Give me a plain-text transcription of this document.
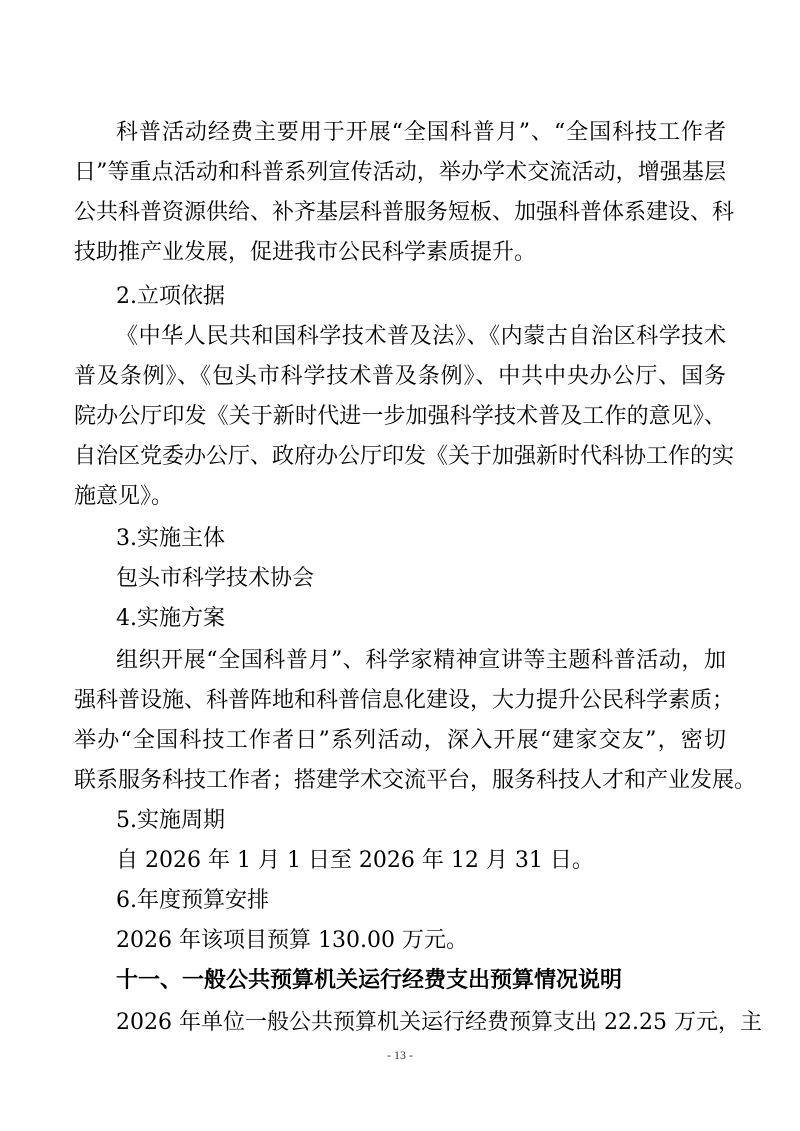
科普活动经费主要用于开展“全国科普月”、“全国科技工作者
日”等重点活动和科普系列宣传活动，举办学术交流活动，增强基层
公共科普资源供给、补齐基层科普服务短板、加强科普体系建设、科
技助推产业发展，促进我市公民科学素质提升。
2.立项依据
《中华人民共和国科学技术普及法》、《内蒙古自治区科学技术
普及条例》、《包头市科学技术普及条例》、中共中央办公厅、国务
院办公厅印发《关于新时代进一步加强科学技术普及工作的意见》、
自治区党委办公厅、政府办公厅印发《关于加强新时代科协工作的实
施意见》。
3.实施主体
包头市科学技术协会
4.实施方案
组织开展“全国科普月”、科学家精神宣讲等主题科普活动，加
强科普设施、科普阵地和科普信息化建设，大力提升公民科学素质；
举办“全国科技工作者日”系列活动，深入开展“建家交友”，密切
联系服务科技工作者；搭建学术交流平台，服务科技人才和产业发展。
5.实施周期
自 2026 年 1 月 1 日至 2026 年 12 月 31 日。
6.年度预算安排
2026 年该项目预算 130.00 万元。
十一、一般公共预算机关运行经费支出预算情况说明
2026 年单位一般公共预算机关运行经费预算支出 22.25 万元，主
- 13 -
